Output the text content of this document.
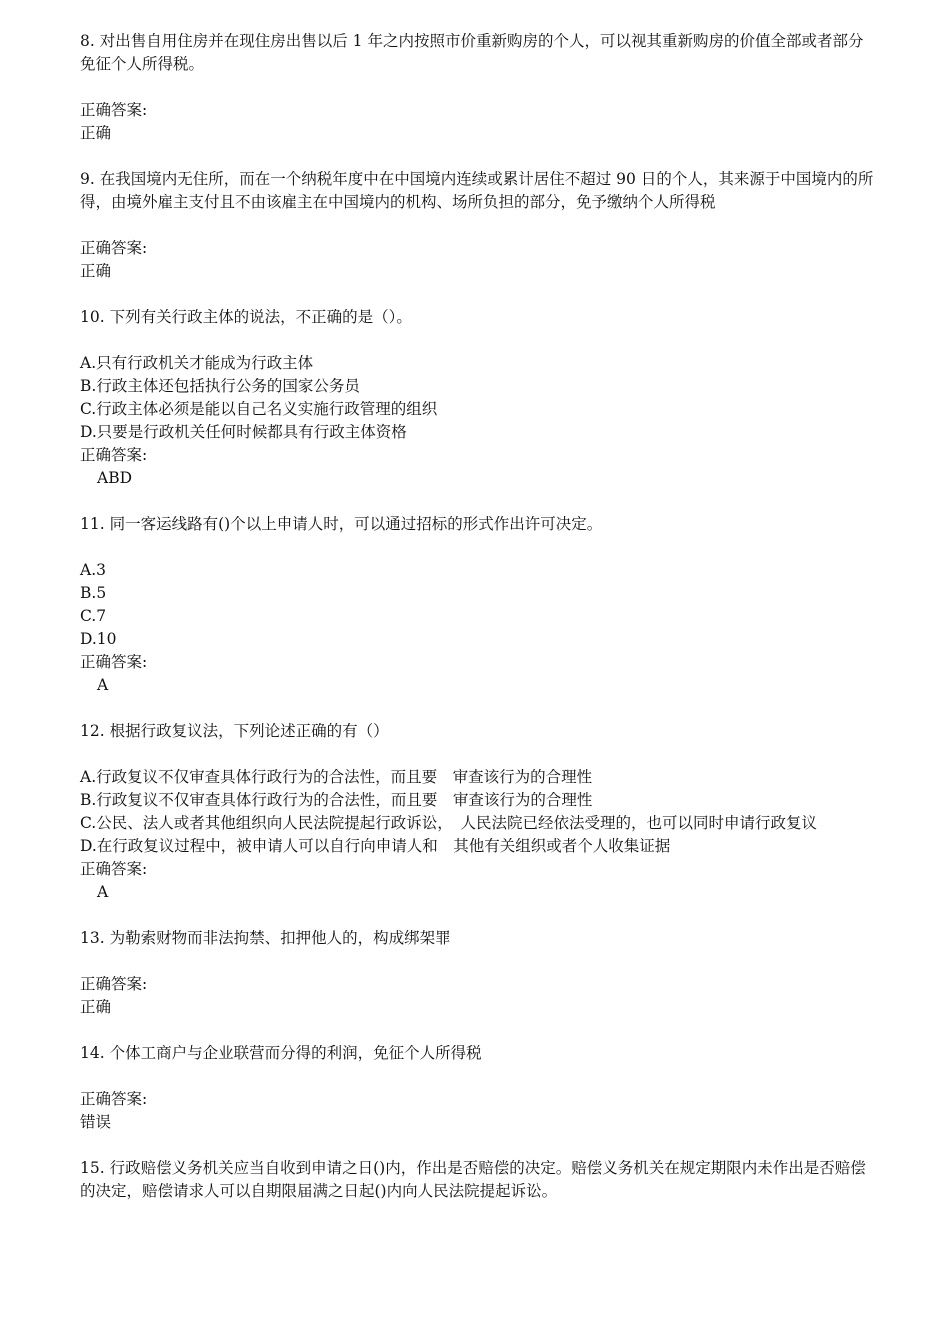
8. 对出售自用住房并在现住房出售以后 1 年之内按照市价重新购房的个人，可以视其重新购房的价值全部或者部分免征个人所得税。

正确答案:

正确

9. 在我国境内无住所，而在一个纳税年度中在中国境内连续或累计居住不超过 90 日的个人，其来源于中国境内的所得，由境外雇主支付且不由该雇主在中国境内的机构、场所负担的部分，免予缴纳个人所得税

正确答案:

正确

10. 下列有关行政主体的说法，不正确的是（）。

A.只有行政机关才能成为行政主体

B.行政主体还包括执行公务的国家公务员

C.行政主体必须是能以自己名义实施行政管理的组织

D.只要是行政机关任何时候都具有行政主体资格

正确答案:

ABD

11. 同一客运线路有()个以上申请人时，可以通过招标的形式作出许可决定。

A.3

B.5

C.7

D.10

正确答案:

A

12. 根据行政复议法，下列论述正确的有（）

A.行政复议不仅审查具体行政行为的合法性，而且要　审查该行为的合理性

B.行政复议不仅审查具体行政行为的合法性，而且要　审查该行为的合理性

C.公民、法人或者其他组织向人民法院提起行政诉讼，　人民法院已经依法受理的，也可以同时申请行政复议

D.在行政复议过程中，被申请人可以自行向申请人和　其他有关组织或者个人收集证据

正确答案:

A

13. 为勒索财物而非法拘禁、扣押他人的，构成绑架罪

正确答案:

正确

14. 个体工商户与企业联营而分得的利润，免征个人所得税

正确答案:

错误

15. 行政赔偿义务机关应当自收到申请之日()内，作出是否赔偿的决定。赔偿义务机关在规定期限内未作出是否赔偿的决定，赔偿请求人可以自期限届满之日起()内向人民法院提起诉讼。
